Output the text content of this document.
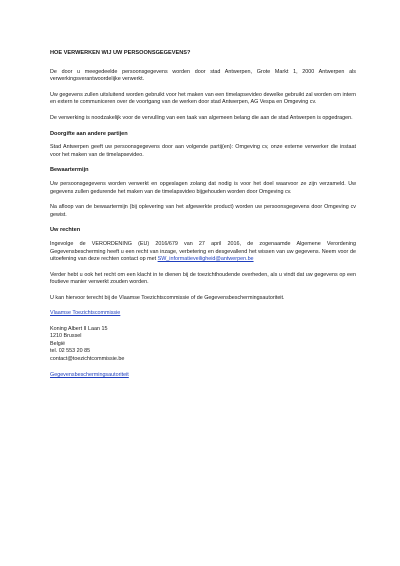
HOE VERWERKEN WIJ UW PERSOONSGEGEVENS?

De door u meegedeelde persoonsgegevens worden door stad Antwerpen, Grote Markt 1, 2000 Antwerpen als verwerkingsverantwoordelijke verwerkt.

Uw gegevens zullen uitsluitend worden gebruikt voor het maken van een timelapsevideo dewelke gebruikt zal worden om intern en extern te communiceren over de voortgang van de werken door stad Antwerpen, AG Vespa en Omgeving cv.

De verwerking is noodzakelijk voor de vervulling van een taak van algemeen belang die aan de stad Antwerpen is opgedragen.

Doorgifte aan andere partijen

Stad Antwerpen geeft uw persoonsgegevens door aan volgende partij(en): Omgeving cv, onze externe verwerker die instaat voor het maken van de timelapsevideo.

Bewaartermijn

Uw persoonsgegevens worden verwerkt en opgeslagen zolang dat nodig is voor het doel waarvoor ze zijn verzameld. Uw gegevens zullen gedurende het maken van de timelapsvideo bijgehouden worden door Omgeving cv.

Na afloop van de bewaartermijn (bij oplevering van het afgewerkte product) worden uw persoonsgegevens door Omgeving cv gewist.

Uw rechten

Ingevolge de VERORDENING (EU) 2016/679 van 27 april 2016, de zogenaamde Algemene Verordening Gegevensbescherming heeft u een recht van inzage, verbetering en desgevallend het wissen van uw gegevens. Neem voor de uitoefening van deze rechten contact op met SW_informatieveiligheid@antwerpen.be

Verder hebt u ook het recht om een klacht in te dienen bij de toezichthoudende overheden, als u vindt dat uw gegevens op een foutieve manier verwerkt zouden worden.

U kan hiervoor terecht bij de Vlaamse Toezichtscommissie of de Gegevensbeschermingsautoriteit.

Vlaamse Toezichtscommissie

Koning Albert II Laan 15
1210 Brussel
België
tel. 02 553 20 85
contact@toezichtcommissie.be

Gegevensbeschermingsautoriteit
